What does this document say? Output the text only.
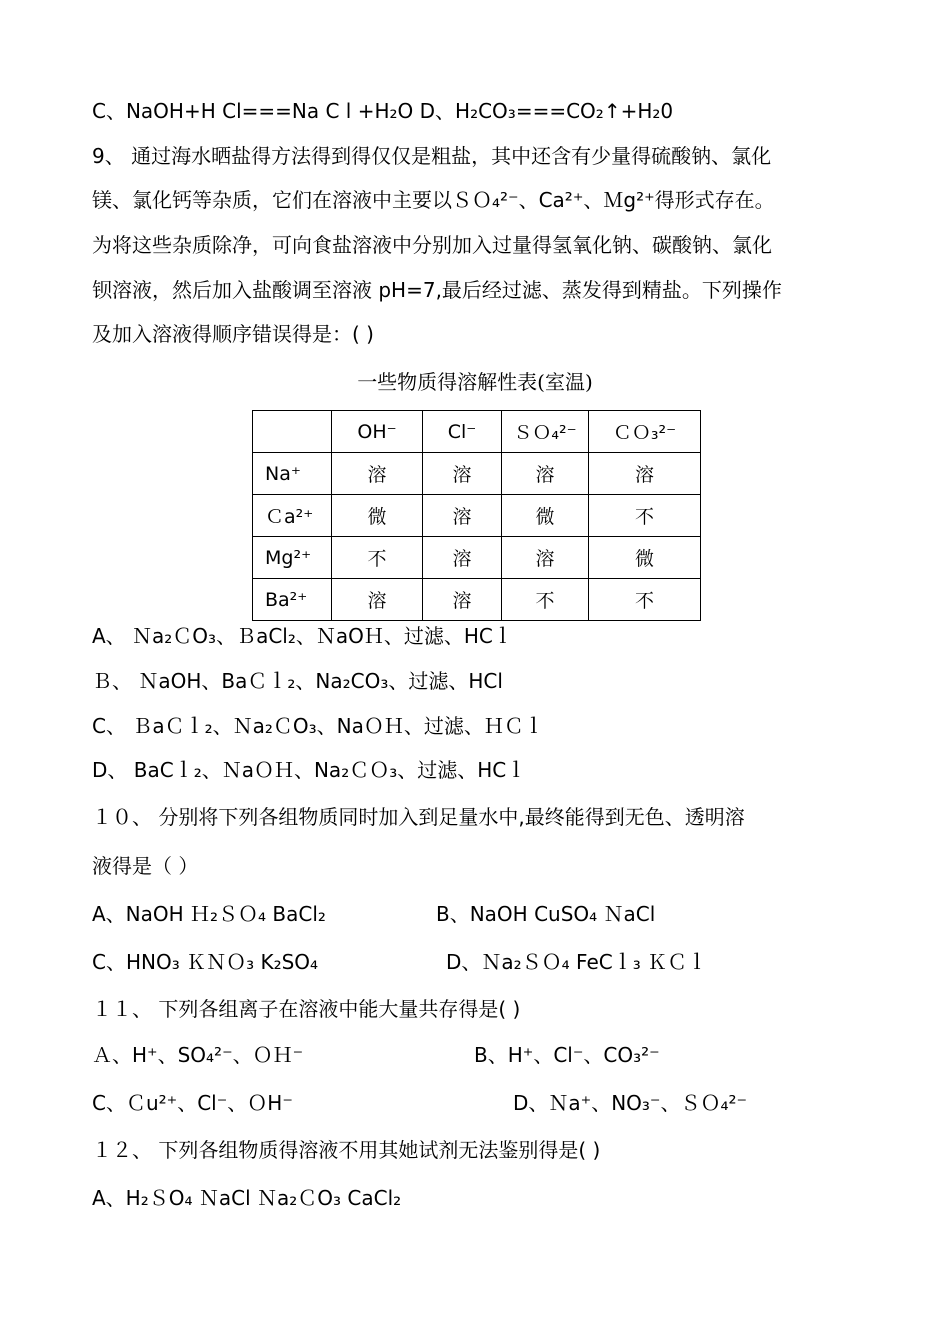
C、NaOH+H Cl===Na C l +H₂O D、H₂CO₃===CO₂↑+H₂0
9、 通过海水晒盐得方法得到得仅仅是粗盐，其中还含有少量得硫酸钠、氯化
镁、氯化钙等杂质，它们在溶液中主要以ＳＯ₄²⁻、Ca²⁺、Ｍg²⁺得形式存在。
为将这些杂质除净，可向食盐溶液中分别加入过量得氢氧化钠、碳酸钠、氯化
钡溶液，然后加入盐酸调至溶液 pH=7,最后经过滤、蒸发得到精盐。下列操作
及加入溶液得顺序错误得是：( )
一些物质得溶解性表(室温)
	OH⁻	Cl⁻	ＳＯ₄²⁻	ＣＯ₃²⁻
Na⁺	溶	溶	溶	溶
Ｃa²⁺	微	溶	微	不
Mg²⁺	不	溶	溶	微
Ba²⁺	溶	溶	不	不
A、 Ｎa₂ＣO₃、ＢaCl₂、ＮaOＨ、过滤、HCｌ
Ｂ、 ＮaOH、BaＣｌ₂、Na₂CO₃、过滤、HCl
C、 ＢaＣｌ₂、Ｎa₂ＣO₃、NaＯＨ、过滤、ＨＣｌ
D、 BaCｌ₂、ＮaＯＨ、Na₂ＣＯ₃、过滤、HCｌ
１０、 分别将下列各组物质同时加入到足量水中,最终能得到无色、透明溶
液得是（ ）
A、NaOH Ｈ₂ＳＯ₄ BaCl₂	B、NaOH CuSO₄ ＮaCl
C、HNO₃ ＫＮＯ₃ K₂SO₄	D、Ｎa₂ＳＯ₄ FeCｌ₃ ＫＣｌ
１１、 下列各组离子在溶液中能大量共存得是( )
Ａ、H⁺、SO₄²⁻、ＯＨ⁻	B、H⁺、Cl⁻、CO₃²⁻
C、Ｃu²⁺、Cl⁻、ＯH⁻	D、Ｎa⁺、NO₃⁻、ＳＯ₄²⁻
１２、 下列各组物质得溶液不用其她试剂无法鉴别得是( )
A、H₂ＳO₄ ＮaCl Ｎa₂ＣO₃ CaCl₂
